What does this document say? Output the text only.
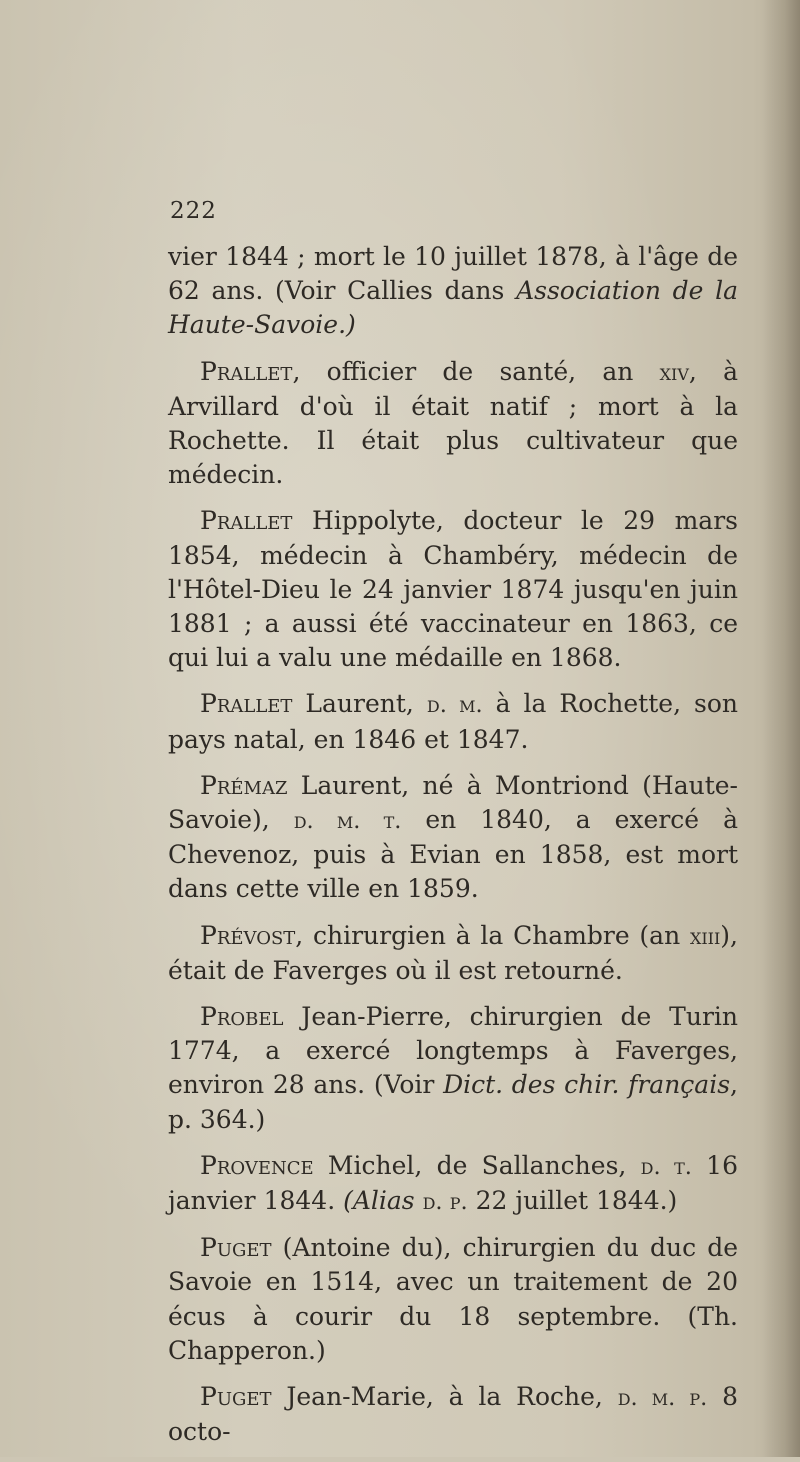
222

vier 1844 ; mort le 10 juillet 1878, à l'âge de 62 ans. (Voir Callies dans Association de la Haute-Savoie.)

Prallet, officier de santé, an xiv, à Arvillard d'où il était natif ; mort à la Rochette. Il était plus cultivateur que médecin.

Prallet Hippolyte, docteur le 29 mars 1854, médecin à Chambéry, médecin de l'Hôtel-Dieu le 24 janvier 1874 jusqu'en juin 1881 ; a aussi été vaccinateur en 1863, ce qui lui a valu une médaille en 1868.

Prallet Laurent, d. m. à la Rochette, son pays natal, en 1846 et 1847.

Prémaz Laurent, né à Montriond (Haute-Savoie), d. m. t. en 1840, a exercé à Chevenoz, puis à Evian en 1858, est mort dans cette ville en 1859.

Prévost, chirurgien à la Chambre (an xiii), était de Faverges où il est retourné.

Probel Jean-Pierre, chirurgien de Turin 1774, a exercé longtemps à Faverges, environ 28 ans. (Voir Dict. des chir. français, p. 364.)

Provence Michel, de Sallanches, d. t. 16 janvier 1844. (Alias d. p. 22 juillet 1844.)

Puget (Antoine du), chirurgien du duc de Savoie en 1514, avec un traitement de 20 écus à courir du 18 septembre. (Th. Chapperon.)

Puget Jean-Marie, à la Roche, d. m. p. 8 octo-
